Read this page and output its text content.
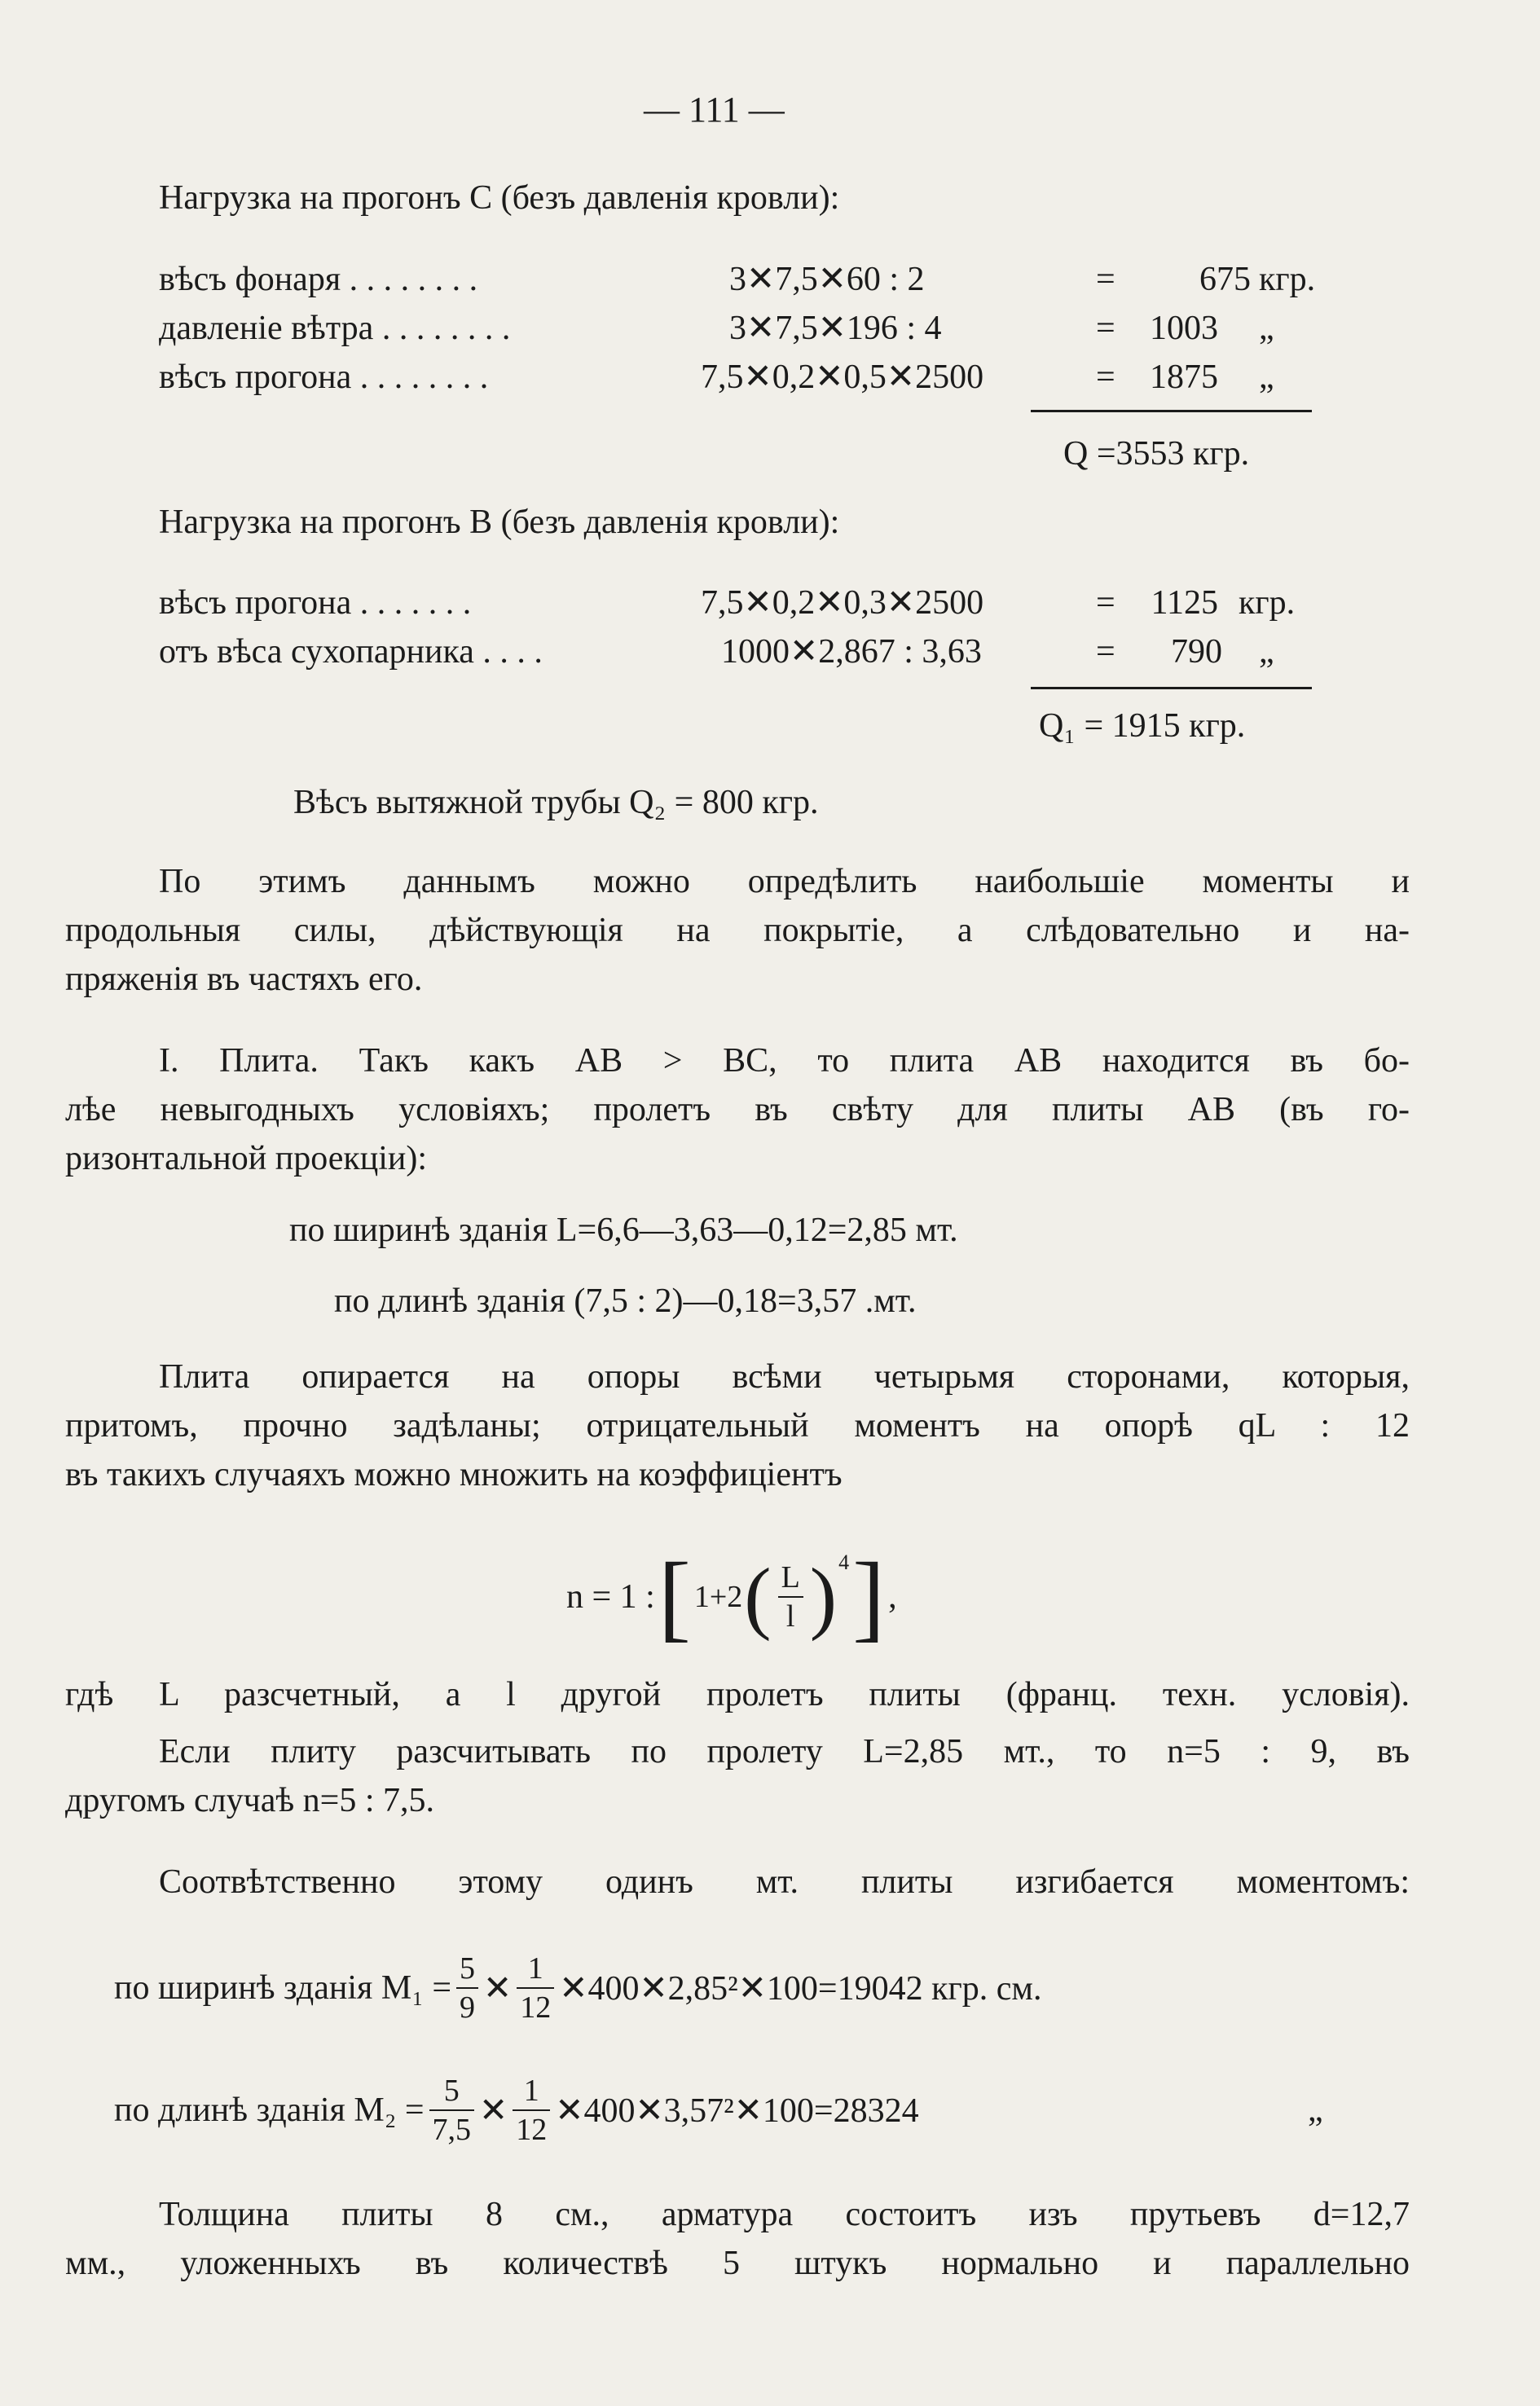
— 111 —
Нагрузка на прогонъ С (безъ давленія кровли):
вѣсъ фонаря . . . . . . . .	3✕7,5✕60 : 2	=	675 кгр.
давленіе вѣтра . . . . . . . .	3✕7,5✕196 : 4	=	1003 „
вѣсъ прогона . . . . . . . .	7,5✕0,2✕0,5✕2500	=	1875 „
Q =3553 кгр.
Нагрузка на прогонъ В (безъ давленія кровли):
вѣсъ прогона . . . . . . .	7,5✕0,2✕0,3✕2500	=	1125 кгр.
отъ вѣса сухопарника . . . .	1000✕2,867 : 3,63	=	790 „
Q₁ = 1915 кгр.
Вѣсъ вытяжной трубы Q₂ = 800 кгр.
По этимъ даннымъ можно опредѣлить наибольшіе моменты и
продольныя силы, дѣйствующія на покрытіе, а слѣдовательно и на-
пряженія въ частяхъ его.
I. Плита. Такъ какъ AB > BC, то плита AB находится въ бо-
лѣе невыгодныхъ условіяхъ; пролетъ въ свѣту для плиты AB (въ го-
ризонтальной проекціи):
по ширинѣ зданія L=6,6—3,63—0,12=2,85 мт.
по длинѣ зданія (7,5 : 2)—0,18=3,57 .мт.
Плита опирается на опоры всѣми четырьмя сторонами, которыя,
притомъ, прочно задѣланы; отрицательный моментъ на опорѣ qL : 12
въ такихъ случаяхъ можно множить на коэффиціентъ
n = 1 : [ 1+2 ( $\frac{L}{l} )^4$ ] ,
гдѣ L разсчетный, а l другой пролетъ плиты (франц. техн. условія).
Если плиту разсчитывать по пролету L=2,85 мт., то n=5 : 9, въ
другомъ случаѣ n=5 : 7,5.
Соотвѣтственно этому одинъ мт. плиты изгибается моментомъ:
по ширинѣ зданія $M_1 = \frac{5}{9}$ ✕ $\frac{1}{12}$ ✕400✕2,85²✕100=19042 кгр. см.
по длинѣ зданія $M_2 = \frac{5}{7,5}$ ✕ $\frac{1}{12}$ ✕400✕3,57²✕100=28324	„
Толщина плиты 8 см., арматура состоитъ изъ прутьевъ d=12,7
мм., уложенныхъ въ количествѣ 5 штукъ нормально и параллельно
